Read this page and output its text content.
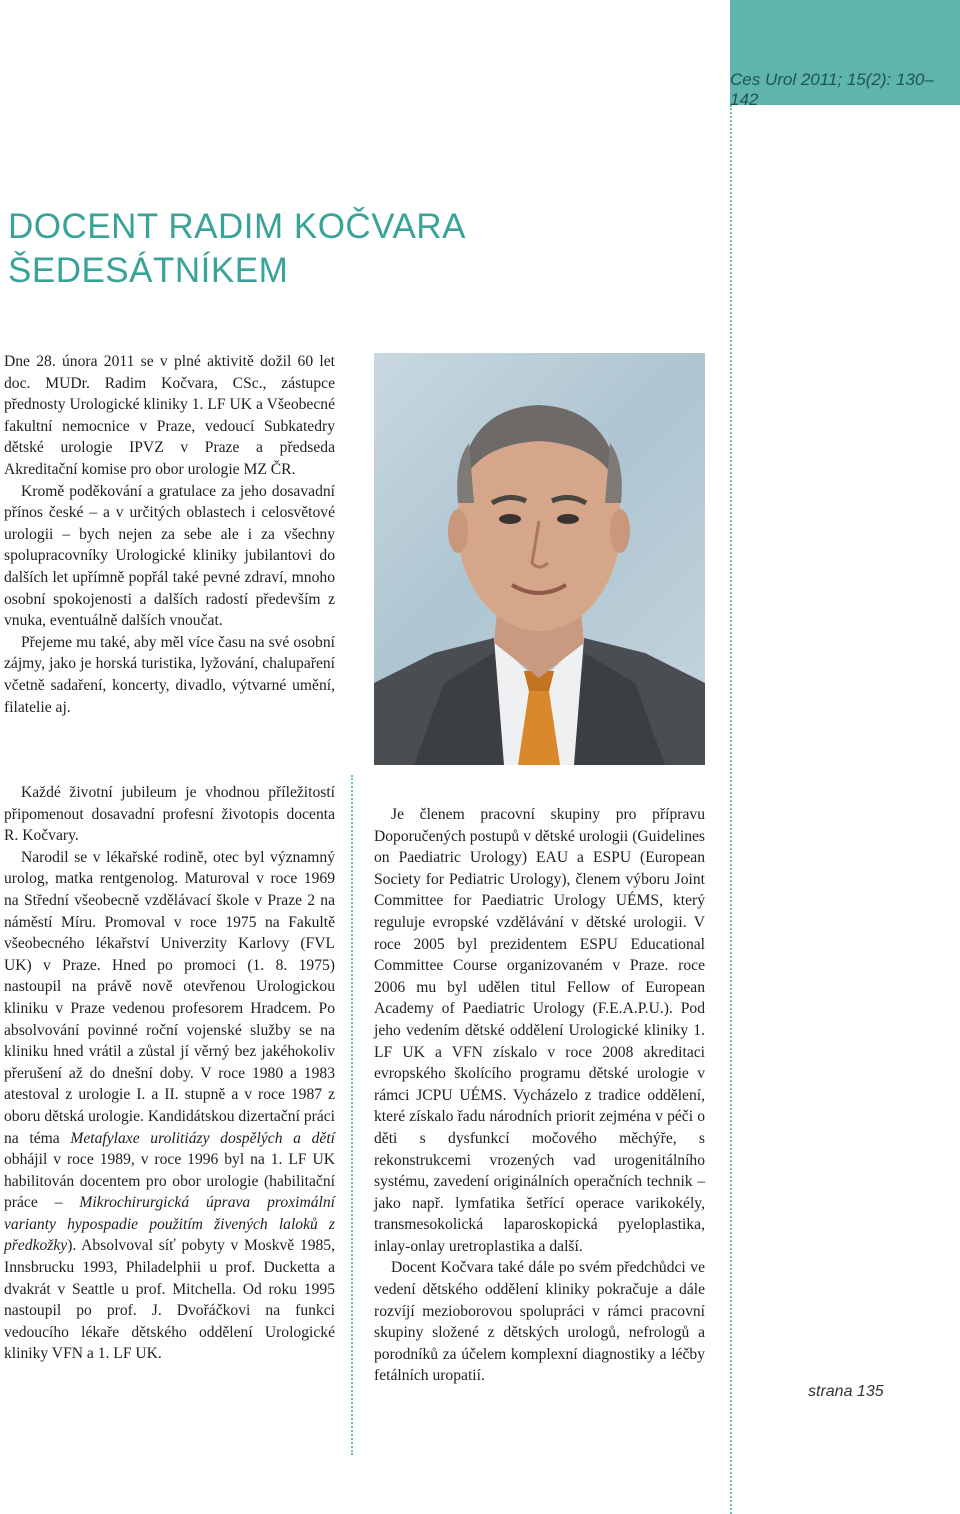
Ces Urol 2011; 15(2): 130–142
DOCENT RADIM KOČVARA
ŠEDESÁTNÍKEM

Dne 28. února 2011 se v plné aktivitě dožil 60 let doc. MUDr. Radim Kočvara, CSc., zástupce přednosty Urologické kliniky 1. LF UK a Všeobecné fakultní nemocnice v Praze, vedoucí Subkatedry dětské urologie IPVZ v Praze a předseda Akreditační komise pro obor urologie MZ ČR.

Kromě poděkování a gratulace za jeho dosavadní přínos české – a v určitých oblastech i celosvětové urologii – bych nejen za sebe ale i za všechny spolupracovníky Urologické kliniky jubilantovi do dalších let upřímně popřál také pevné zdraví, mnoho osobní spokojenosti a dalších radostí především z vnuka, eventuálně dalších vnoučat.

Přejeme mu také, aby měl více času na své osobní zájmy, jako je horská turistika, lyžování, chalupaření včetně sadaření, koncerty, divadlo, výtvarné umění, filatelie aj.

Každé životní jubileum je vhodnou příležitostí připomenout dosavadní profesní životopis docenta R. Kočvary.

Narodil se v lékařské rodině, otec byl významný urolog, matka rentgenolog. Maturoval v roce 1969 na Střední všeobecně vzdělávací škole v Praze 2 na náměstí Míru. Promoval v roce 1975 na Fakultě všeobecného lékařství Univerzity Karlovy (FVL UK) v Praze. Hned po promoci (1. 8. 1975) nastoupil na právě nově otevřenou Urologickou kliniku v Praze vedenou profesorem Hradcem. Po absolvování povinné roční vojenské služby se na kliniku hned vrátil a zůstal jí věrný bez jakéhokoliv přerušení až do dnešní doby. V roce 1980 a 1983 atestoval z urologie I. a II. stupně a v roce 1987 z oboru dětská urologie. Kandidátskou dizertační práci na téma Metafylaxe urolitiázy dospělých a dětí obhájil v roce 1989, v roce 1996 byl na 1. LF UK habilitován docentem pro obor urologie (habilitační práce – Mikrochirurgická úprava proximální varianty hypospadie použitím živených laloků z předkožky). Absolvoval síť pobyty v Moskvě 1985, Innsbrucku 1993, Philadelphii u prof. Ducketta a dvakrát v Seattle u prof. Mitchella. Od roku 1995 nastoupil po prof. J. Dvořáčkovi na funkci vedoucího lékaře dětského oddělení Urologické kliniky VFN a 1. LF UK.

Je členem pracovní skupiny pro přípravu Doporučených postupů v dětské urologii (Guidelines on Paediatric Urology) EAU a ESPU (European Society for Pediatric Urology), členem výboru Joint Committee for Paediatric Urology UÉMS, který reguluje evropské vzdělávání v dětské urologii. V roce 2005 byl prezidentem ESPU Educational Committee Course organizovaném v Praze. roce 2006 mu byl udělen titul Fellow of European Academy of Paediatric Urology (F.E.A.P.U.). Pod jeho vedením dětské oddělení Urologické kliniky 1. LF UK a VFN získalo v roce 2008 akreditaci evropského školícího programu dětské urologie v rámci JCPU UÉMS. Vycházelo z tradice oddělení, které získalo řadu národních priorit zejména v péči o děti s dysfunkcí močového měchýře, s rekonstrukcemi vrozených vad urogenitálního systému, zavedení originálních operačních technik – jako např. lymfatika šetřící operace varikokély, transmesokolická laparoskopická pyeloplastika, inlay-onlay uretroplastika a další.

Docent Kočvara také dále po svém předchůdci ve vedení dětského oddělení kliniky pokračuje a dále rozvíjí mezioborovou spolupráci v rámci pracovní skupiny složené z dětských urologů, nefrologů a porodníků za účelem komplexní diagnostiky a léčby fetálních uropatií.

strana 135
